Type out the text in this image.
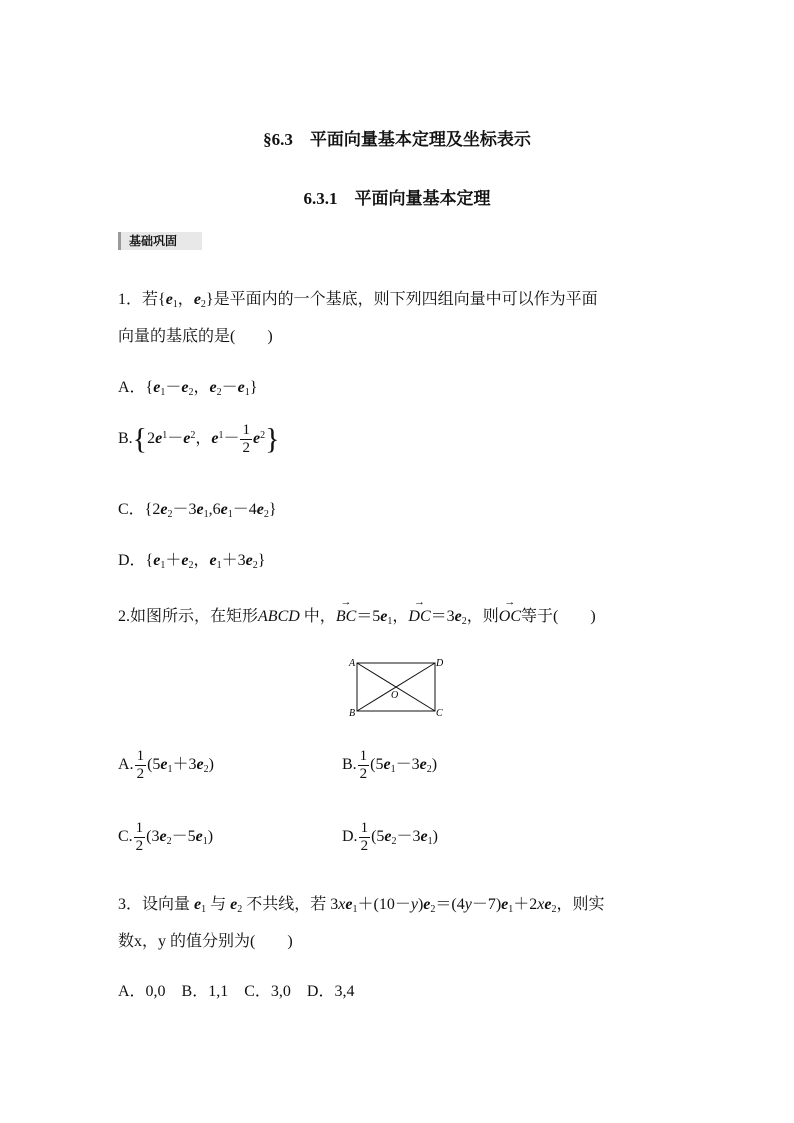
§6.3　平面向量基本定理及坐标表示
6.3.1　平面向量基本定理
基础巩固
1．若{$e_1$，$e_2$}是平面内的一个基底，则下列四组向量中可以作为平面
向量的基底的是(　　)
A．{$e_1-e_2$，$e_2-e_1$}
$B.\{2e^1-e^2$，$e^1- \frac{1}{2} e^2$}
C．$\{2e_2-3e_1,6e_1-4e_2\}$
D．{$e_1+e_2$，$e_1+3e_2$}
2.如图所示，在矩形ABCD 中，→ $BC=5e_1$，→ $DC=3e_2$，则→ OC等于(　　)
A	D
B	C
O
A. $\frac{1}{2} (5e_1+3e_2)$	B. $\frac{1}{2} (5e_1-3e_2)$
C. $\frac{1}{2} (3e_2-5e_1)$	D. $\frac{1}{2} (5e_2-3e_1)$
3．设向量 $e_1$ 与 $e_2$ 不共线，若 $3xe_1+(10-y)e_2=(4y-7)e_1+2xe_2$，则实
数x，y 的值分别为(　　)
A．0,0　B．1,1　C．3,0　D．3,4
